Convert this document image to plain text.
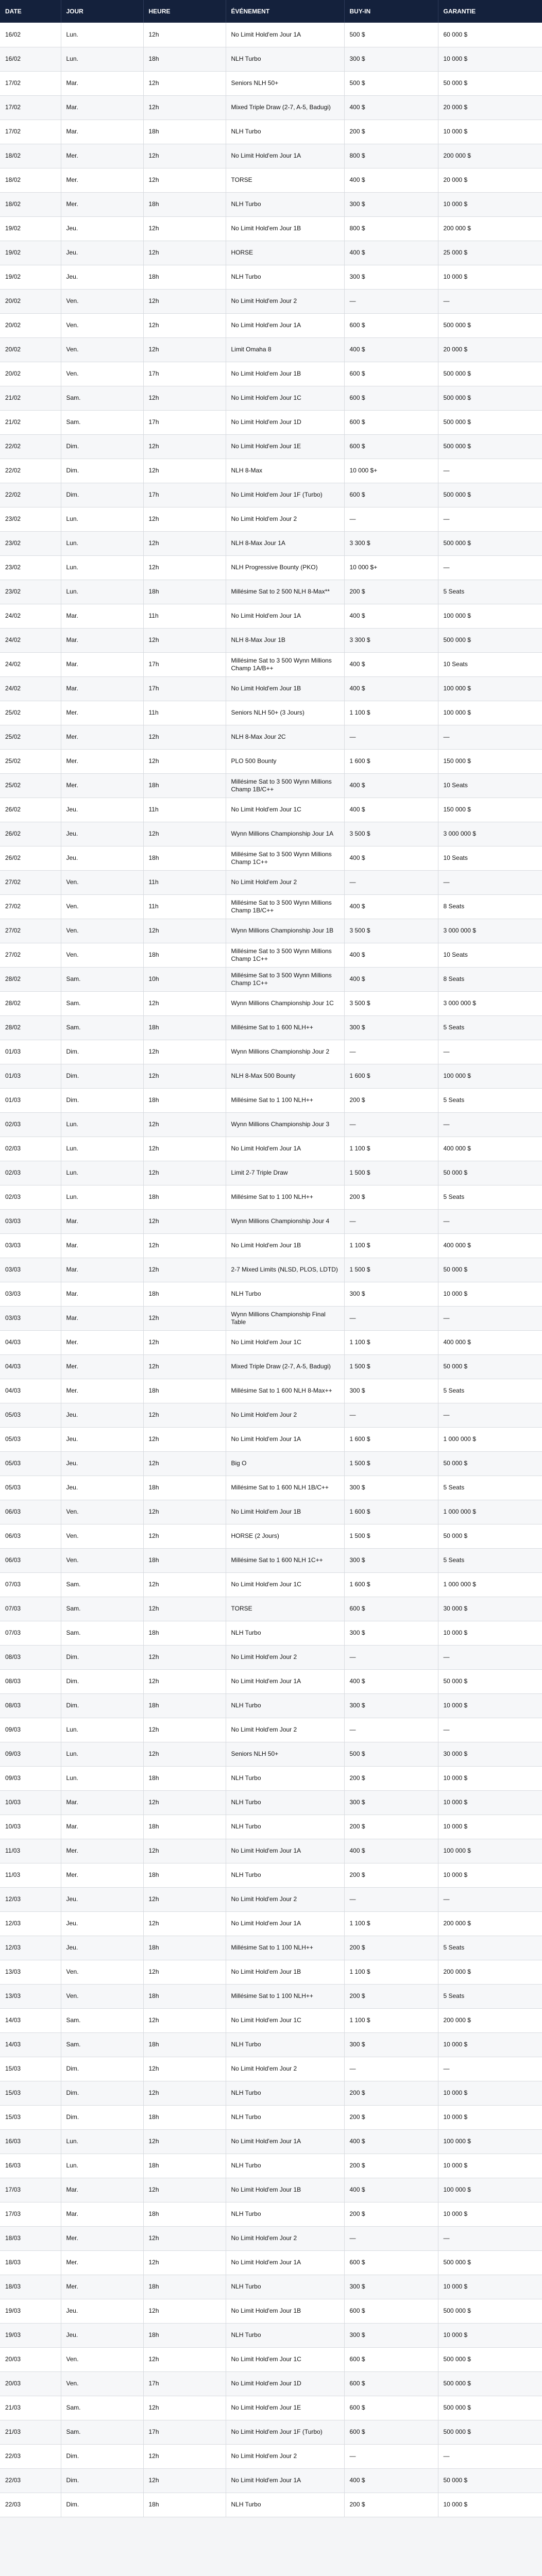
DATE	JOUR	HEURE	ÉVÉNEMENT	BUY-IN	GARANTIE
16/02	Lun.	12h	No Limit Hold'em Jour 1A	500 $	60 000 $
16/02	Lun.	18h	NLH Turbo	300 $	10 000 $
17/02	Mar.	12h	Seniors NLH 50+	500 $	50 000 $
17/02	Mar.	12h	Mixed Triple Draw (2-7, A-5, Badugi)	400 $	20 000 $
17/02	Mar.	18h	NLH Turbo	200 $	10 000 $
18/02	Mer.	12h	No Limit Hold'em Jour 1A	800 $	200 000 $
18/02	Mer.	12h	TORSE	400 $	20 000 $
18/02	Mer.	18h	NLH Turbo	300 $	10 000 $
19/02	Jeu.	12h	No Limit Hold'em Jour 1B	800 $	200 000 $
19/02	Jeu.	12h	HORSE	400 $	25 000 $
19/02	Jeu.	18h	NLH Turbo	300 $	10 000 $
20/02	Ven.	12h	No Limit Hold'em Jour 2	—	—
20/02	Ven.	12h	No Limit Hold'em Jour 1A	600 $	500 000 $
20/02	Ven.	12h	Limit Omaha 8	400 $	20 000 $
20/02	Ven.	17h	No Limit Hold'em Jour 1B	600 $	500 000 $
21/02	Sam.	12h	No Limit Hold'em Jour 1C	600 $	500 000 $
21/02	Sam.	17h	No Limit Hold'em Jour 1D	600 $	500 000 $
22/02	Dim.	12h	No Limit Hold'em Jour 1E	600 $	500 000 $
22/02	Dim.	12h	NLH 8-Max	10 000 $+	—
22/02	Dim.	17h	No Limit Hold'em Jour 1F (Turbo)	600 $	500 000 $
23/02	Lun.	12h	No Limit Hold'em Jour 2	—	—
23/02	Lun.	12h	NLH 8-Max Jour 1A	3 300 $	500 000 $
23/02	Lun.	12h	NLH Progressive Bounty (PKO)	10 000 $+	—
23/02	Lun.	18h	Millésime Sat to 2 500 NLH 8-Max**	200 $	5 Seats
24/02	Mar.	11h	No Limit Hold'em Jour 1A	400 $	100 000 $
24/02	Mar.	12h	NLH 8-Max Jour 1B	3 300 $	500 000 $
24/02	Mar.	17h	Millésime Sat to 3 500 Wynn Millions Champ 1A/B++	400 $	10 Seats
24/02	Mar.	17h	No Limit Hold'em Jour 1B	400 $	100 000 $
25/02	Mer.	11h	Seniors NLH 50+ (3 Jours)	1 100 $	100 000 $
25/02	Mer.	12h	NLH 8-Max Jour 2C	—	—
25/02	Mer.	12h	PLO 500 Bounty	1 600 $	150 000 $
25/02	Mer.	18h	Millésime Sat to 3 500 Wynn Millions Champ 1B/C++	400 $	10 Seats
26/02	Jeu.	11h	No Limit Hold'em Jour 1C	400 $	150 000 $
26/02	Jeu.	12h	Wynn Millions Championship Jour 1A	3 500 $	3 000 000 $
26/02	Jeu.	18h	Millésime Sat to 3 500 Wynn Millions Champ 1C++	400 $	10 Seats
27/02	Ven.	11h	No Limit Hold'em Jour 2	—	—
27/02	Ven.	11h	Millésime Sat to 3 500 Wynn Millions Champ 1B/C++	400 $	8 Seats
27/02	Ven.	12h	Wynn Millions Championship Jour 1B	3 500 $	3 000 000 $
27/02	Ven.	18h	Millésime Sat to 3 500 Wynn Millions Champ 1C++	400 $	10 Seats
28/02	Sam.	10h	Millésime Sat to 3 500 Wynn Millions Champ 1C++	400 $	8 Seats
28/02	Sam.	12h	Wynn Millions Championship Jour 1C	3 500 $	3 000 000 $
28/02	Sam.	18h	Millésime Sat to 1 600 NLH++	300 $	5 Seats
01/03	Dim.	12h	Wynn Millions Championship Jour 2	—	—
01/03	Dim.	12h	NLH 8-Max 500 Bounty	1 600 $	100 000 $
01/03	Dim.	18h	Millésime Sat to 1 100 NLH++	200 $	5 Seats
02/03	Lun.	12h	Wynn Millions Championship Jour 3	—	—
02/03	Lun.	12h	No Limit Hold'em Jour 1A	1 100 $	400 000 $
02/03	Lun.	12h	Limit 2-7 Triple Draw	1 500 $	50 000 $
02/03	Lun.	18h	Millésime Sat to 1 100 NLH++	200 $	5 Seats
03/03	Mar.	12h	Wynn Millions Championship Jour 4	—	—
03/03	Mar.	12h	No Limit Hold'em Jour 1B	1 100 $	400 000 $
03/03	Mar.	12h	2-7 Mixed Limits (NLSD, PLOS, LDTD)	1 500 $	50 000 $
03/03	Mar.	18h	NLH Turbo	300 $	10 000 $
03/03	Mar.	12h	Wynn Millions Championship Final Table	—	—
04/03	Mer.	12h	No Limit Hold'em Jour 1C	1 100 $	400 000 $
04/03	Mer.	12h	Mixed Triple Draw (2-7, A-5, Badugi)	1 500 $	50 000 $
04/03	Mer.	18h	Millésime Sat to 1 600 NLH 8-Max++	300 $	5 Seats
05/03	Jeu.	12h	No Limit Hold'em Jour 2	—	—
05/03	Jeu.	12h	No Limit Hold'em Jour 1A	1 600 $	1 000 000 $
05/03	Jeu.	12h	Big O	1 500 $	50 000 $
05/03	Jeu.	18h	Millésime Sat to 1 600 NLH 1B/C++	300 $	5 Seats
06/03	Ven.	12h	No Limit Hold'em Jour 1B	1 600 $	1 000 000 $
06/03	Ven.	12h	HORSE (2 Jours)	1 500 $	50 000 $
06/03	Ven.	18h	Millésime Sat to 1 600 NLH 1C++	300 $	5 Seats
07/03	Sam.	12h	No Limit Hold'em Jour 1C	1 600 $	1 000 000 $
07/03	Sam.	12h	TORSE	600 $	30 000 $
07/03	Sam.	18h	NLH Turbo	300 $	10 000 $
08/03	Dim.	12h	No Limit Hold'em Jour 2	—	—
08/03	Dim.	12h	No Limit Hold'em Jour 1A	400 $	50 000 $
08/03	Dim.	18h	NLH Turbo	300 $	10 000 $
09/03	Lun.	12h	No Limit Hold'em Jour 2	—	—
09/03	Lun.	12h	Seniors NLH 50+	500 $	30 000 $
09/03	Lun.	18h	NLH Turbo	200 $	10 000 $
10/03	Mar.	12h	NLH Turbo	300 $	10 000 $
10/03	Mar.	18h	NLH Turbo	200 $	10 000 $
11/03	Mer.	12h	No Limit Hold'em Jour 1A	400 $	100 000 $
11/03	Mer.	18h	NLH Turbo	200 $	10 000 $
12/03	Jeu.	12h	No Limit Hold'em Jour 2	—	—
12/03	Jeu.	12h	No Limit Hold'em Jour 1A	1 100 $	200 000 $
12/03	Jeu.	18h	Millésime Sat to 1 100 NLH++	200 $	5 Seats
13/03	Ven.	12h	No Limit Hold'em Jour 1B	1 100 $	200 000 $
13/03	Ven.	18h	Millésime Sat to 1 100 NLH++	200 $	5 Seats
14/03	Sam.	12h	No Limit Hold'em Jour 1C	1 100 $	200 000 $
14/03	Sam.	18h	NLH Turbo	300 $	10 000 $
15/03	Dim.	12h	No Limit Hold'em Jour 2	—	—
15/03	Dim.	12h	NLH Turbo	200 $	10 000 $
15/03	Dim.	18h	NLH Turbo	200 $	10 000 $
16/03	Lun.	12h	No Limit Hold'em Jour 1A	400 $	100 000 $
16/03	Lun.	18h	NLH Turbo	200 $	10 000 $
17/03	Mar.	12h	No Limit Hold'em Jour 1B	400 $	100 000 $
17/03	Mar.	18h	NLH Turbo	200 $	10 000 $
18/03	Mer.	12h	No Limit Hold'em Jour 2	—	—
18/03	Mer.	12h	No Limit Hold'em Jour 1A	600 $	500 000 $
18/03	Mer.	18h	NLH Turbo	300 $	10 000 $
19/03	Jeu.	12h	No Limit Hold'em Jour 1B	600 $	500 000 $
19/03	Jeu.	18h	NLH Turbo	300 $	10 000 $
20/03	Ven.	12h	No Limit Hold'em Jour 1C	600 $	500 000 $
20/03	Ven.	17h	No Limit Hold'em Jour 1D	600 $	500 000 $
21/03	Sam.	12h	No Limit Hold'em Jour 1E	600 $	500 000 $
21/03	Sam.	17h	No Limit Hold'em Jour 1F (Turbo)	600 $	500 000 $
22/03	Dim.	12h	No Limit Hold'em Jour 2	—	—
22/03	Dim.	12h	No Limit Hold'em Jour 1A	400 $	50 000 $
22/03	Dim.	18h	NLH Turbo	200 $	10 000 $
